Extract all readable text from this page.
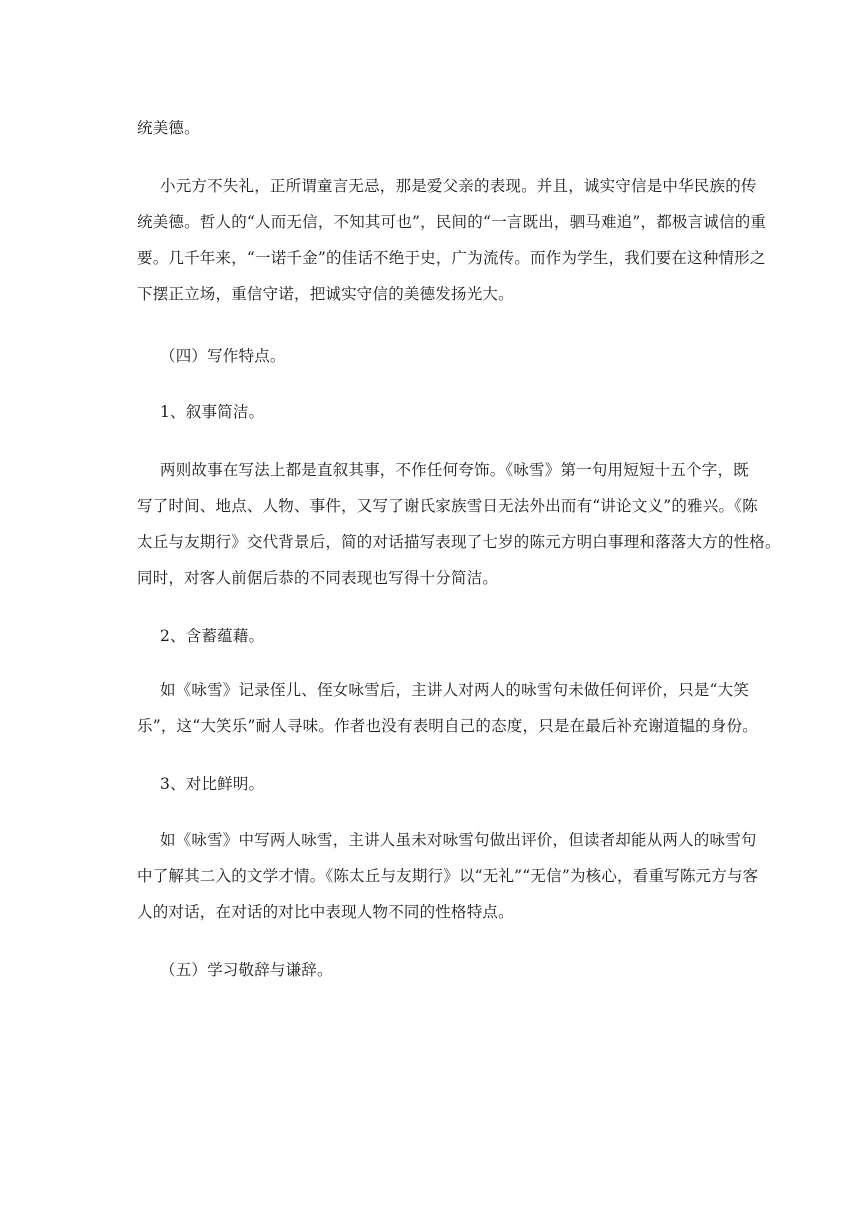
统美德。
小元方不失礼，正所谓童言无忌，那是爱父亲的表现。并且，诚实守信是中华民族的传
统美德。哲人的“人而无信，不知其可也”，民间的“一言既出，驷马难追”，都极言诚信的重
要。几千年来，“一诺千金”的佳话不绝于史，广为流传。而作为学生，我们要在这种情形之
下摆正立场，重信守诺，把诚实守信的美德发扬光大。
（四）写作特点。
1、叙事简洁。
两则故事在写法上都是直叙其事，不作任何夸饰。《咏雪》第一句用短短十五个字，既
写了时间、地点、人物、事件，又写了谢氏家族雪日无法外出而有“讲论文义”的雅兴。《陈
太丘与友期行》交代背景后，简的对话描写表现了七岁的陈元方明白事理和落落大方的性格。
同时，对客人前倨后恭的不同表现也写得十分简洁。
2、含蓄蕴藉。
如《咏雪》记录侄儿、侄女咏雪后，主讲人对两人的咏雪句未做任何评价，只是“大笑
乐”，这“大笑乐”耐人寻味。作者也没有表明自己的态度，只是在最后补充谢道韫的身份。
3、对比鲜明。
如《咏雪》中写两人咏雪，主讲人虽未对咏雪句做出评价，但读者却能从两人的咏雪句
中了解其二入的文学才情。《陈太丘与友期行》以“无礼”“无信”为核心，看重写陈元方与客
人的对话，在对话的对比中表现人物不同的性格特点。
（五）学习敬辞与谦辞。
